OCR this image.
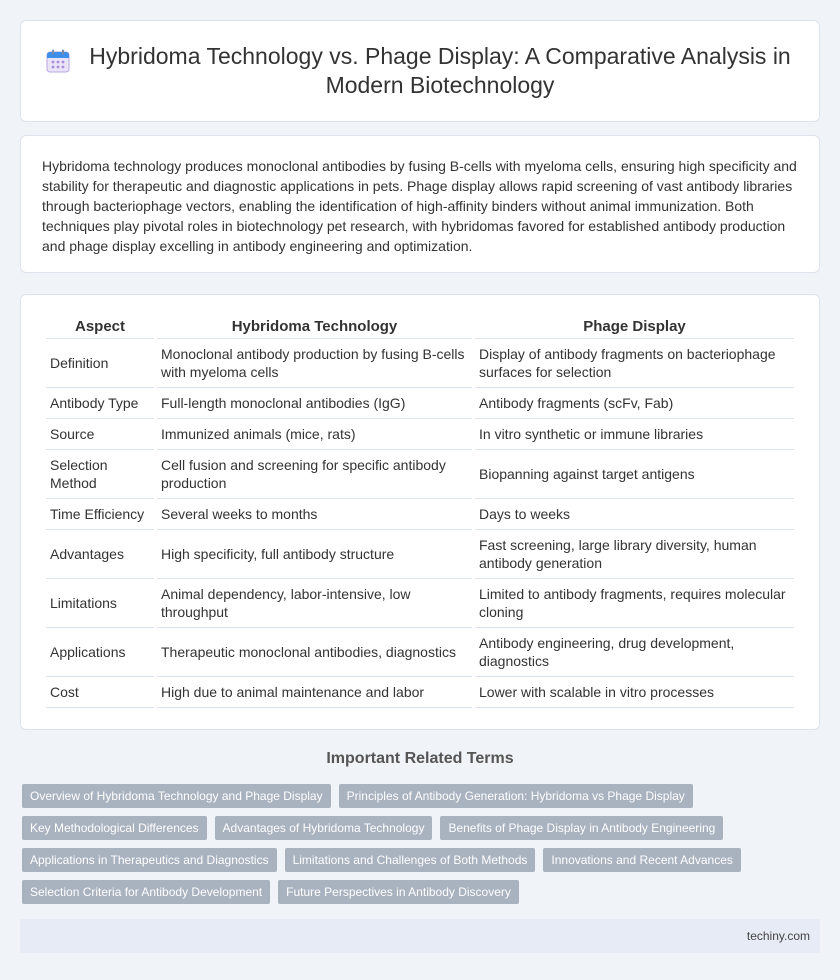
Hybridoma Technology vs. Phage Display: A Comparative Analysis in Modern Biotechnology

Hybridoma technology produces monoclonal antibodies by fusing B-cells with myeloma cells, ensuring high specificity and stability for therapeutic and diagnostic applications in pets. Phage display allows rapid screening of vast antibody libraries through bacteriophage vectors, enabling the identification of high-affinity binders without animal immunization. Both techniques play pivotal roles in biotechnology pet research, with hybridomas favored for established antibody production and phage display excelling in antibody engineering and optimization.

Aspect	Hybridoma Technology	Phage Display
Definition	Monoclonal antibody production by fusing B-cells with myeloma cells	Display of antibody fragments on bacteriophage surfaces for selection
Antibody Type	Full-length monoclonal antibodies (IgG)	Antibody fragments (scFv, Fab)
Source	Immunized animals (mice, rats)	In vitro synthetic or immune libraries
Selection Method	Cell fusion and screening for specific antibody production	Biopanning against target antigens
Time Efficiency	Several weeks to months	Days to weeks
Advantages	High specificity, full antibody structure	Fast screening, large library diversity, human antibody generation
Limitations	Animal dependency, labor-intensive, low throughput	Limited to antibody fragments, requires molecular cloning
Applications	Therapeutic monoclonal antibodies, diagnostics	Antibody engineering, drug development, diagnostics
Cost	High due to animal maintenance and labor	Lower with scalable in vitro processes
Important Related Terms
Overview of Hybridoma Technology and Phage Display	Principles of Antibody Generation: Hybridoma vs Phage Display
Key Methodological Differences	Advantages of Hybridoma Technology	Benefits of Phage Display in Antibody Engineering
Applications in Therapeutics and Diagnostics	Limitations and Challenges of Both Methods	Innovations and Recent Advances
Selection Criteria for Antibody Development	Future Perspectives in Antibody Discovery
techiny.com
